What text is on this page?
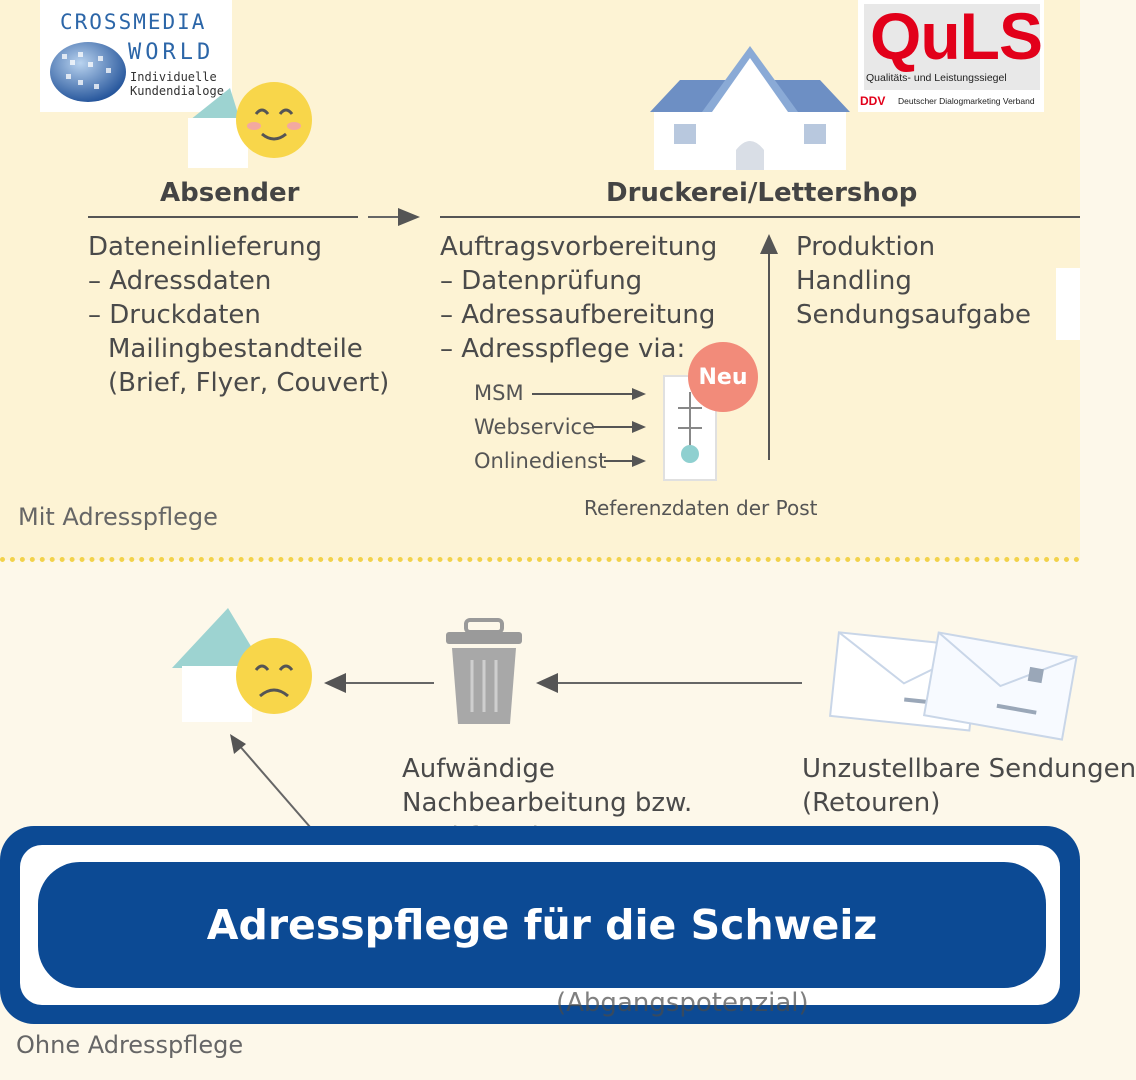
CROSSMEDIA
WORLD
Individuelle
Kundendialoge
QuLS
Qualitäts- und Leistungssiegel
DDV Deutscher Dialogmarketing Verband
Absender
Dateneinlieferung
– Adressdaten
– Druckdaten
Mailingbestandteile
(Brief, Flyer, Couvert)
Druckerei/Lettershop
Auftragsvorbereitung
– Datenprüfung
– Adressaufbereitung
– Adresspflege via:
MSM
Webservice
Onlinedienst
Neu
Referenzdaten der Post
Produktion
Handling
Sendungsaufgabe
Mit Adresspflege
Aufwändige
Nachbearbeitung bzw.
Unzustellbare Sendungen
(Retouren)
(Abgangspotenzial)
Adresspflege für die Schweiz
Ohne Adresspflege
